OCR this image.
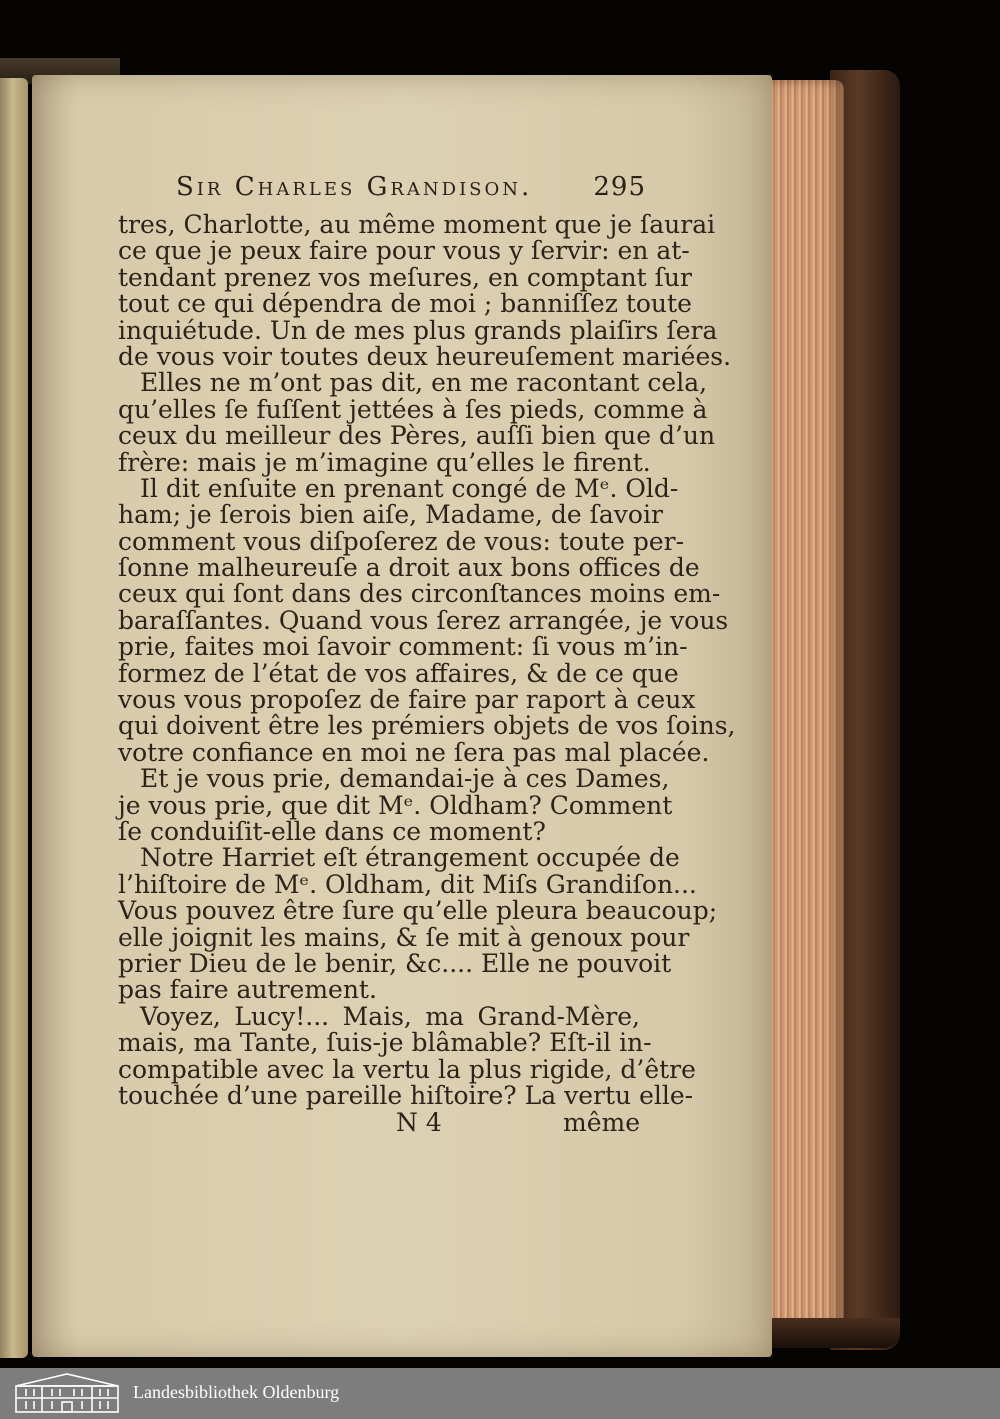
Sir Charles Grandison. 295
tres, Charlotte, au même moment que je ſaurai
ce que je peux faire pour vous y ſervir: en at-
tendant prenez vos meſures, en comptant ſur
tout ce qui dépendra de moi ; banniſſez toute
inquiétude. Un de mes plus grands plaiſirs ſera
de vous voir toutes deux heureuſement mariées.
Elles ne m’ont pas dit, en me racontant cela,
qu’elles ſe fuſſent jettées à ſes pieds, comme à
ceux du meilleur des Pères, auſſi bien que d’un
frère: mais je m’imagine qu’elles le firent.
Il dit enſuite en prenant congé de Mᵉ. Old-
ham; je ſerois bien aiſe, Madame, de ſavoir
comment vous diſpoſerez de vous: toute per-
ſonne malheureuſe a droit aux bons offices de
ceux qui ſont dans des circonſtances moins em-
baraſſantes. Quand vous ſerez arrangée, je vous
prie, faites moi ſavoir comment: ſi vous m’in-
formez de l’état de vos affaires, & de ce que
vous vous propoſez de faire par raport à ceux
qui doivent être les prémiers objets de vos ſoins,
votre confiance en moi ne ſera pas mal placée.
Et je vous prie, demandai-je à ces Dames,
je vous prie, que dit Mᵉ. Oldham? Comment
ſe conduiſit-elle dans ce moment?
Notre Harriet eſt étrangement occupée de
l’hiſtoire de Mᵉ. Oldham, dit Miſs Grandiſon...
Vous pouvez être ſure qu’elle pleura beaucoup;
elle joignit les mains, & ſe mit à genoux pour
prier Dieu de le benir, &c.... Elle ne pouvoit
pas faire autrement.
Voyez, Lucy!... Mais, ma Grand-Mère,
mais, ma Tante, ſuis-je blâmable? Eſt-il in-
compatible avec la vertu la plus rigide, d’être
touchée d’une pareille hiſtoire? La vertu elle-
N 4	même
Landesbibliothek Oldenburg
